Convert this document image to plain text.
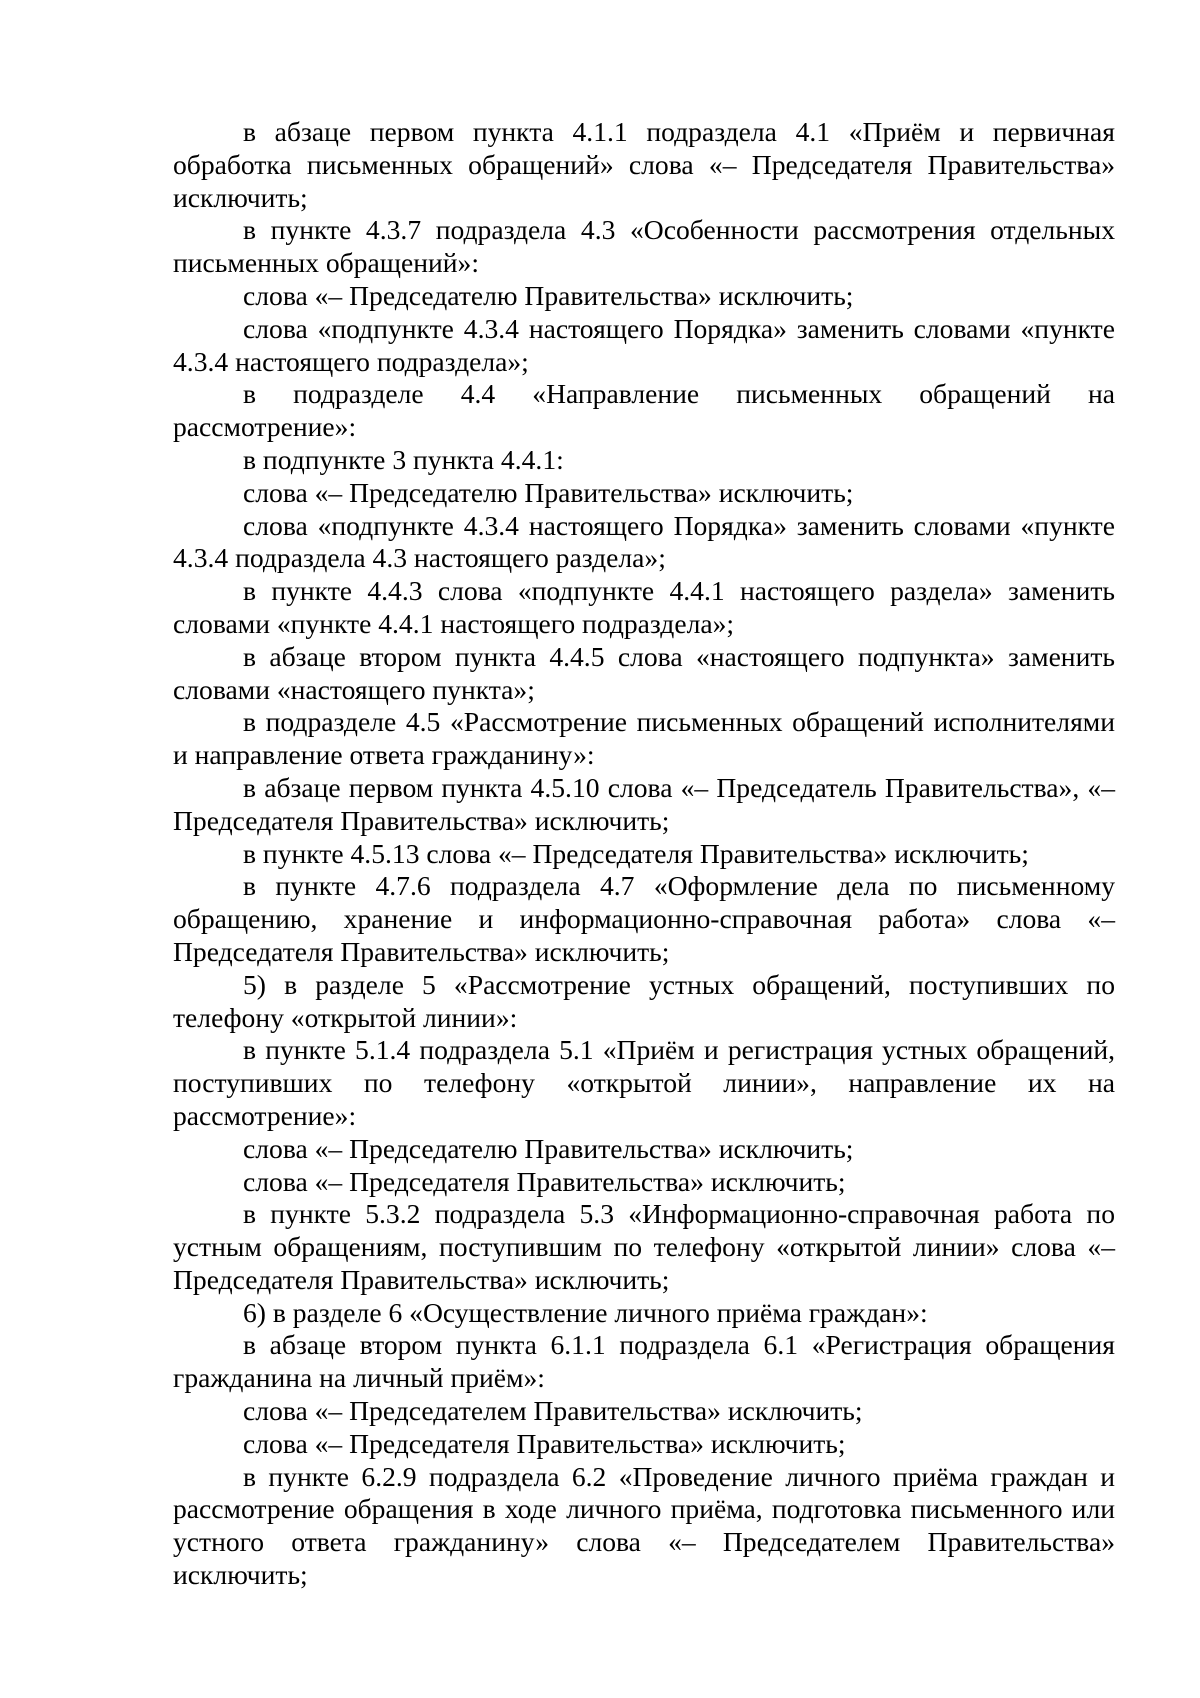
в абзаце первом пункта 4.1.1 подраздела 4.1 «Приём и первичная обработка письменных обращений» слова «– Председателя Правительства» исключить;

в пункте 4.3.7 подраздела 4.3 «Особенности рассмотрения отдельных письменных обращений»:

слова «– Председателю Правительства» исключить;

слова «подпункте 4.3.4 настоящего Порядка» заменить словами «пункте 4.3.4 настоящего подраздела»;

в подразделе 4.4 «Направление письменных обращений на рассмотрение»:

в подпункте 3 пункта 4.4.1:

слова «– Председателю Правительства» исключить;

слова «подпункте 4.3.4 настоящего Порядка» заменить словами «пункте 4.3.4 подраздела 4.3 настоящего раздела»;

в пункте 4.4.3 слова «подпункте 4.4.1 настоящего раздела» заменить словами «пункте 4.4.1 настоящего подраздела»;

в абзаце втором пункта 4.4.5 слова «настоящего подпункта» заменить словами «настоящего пункта»;

в подразделе 4.5 «Рассмотрение письменных обращений исполнителями и направление ответа гражданину»:

в абзаце первом пункта 4.5.10 слова «– Председатель Правительства», «– Председателя Правительства» исключить;

в пункте 4.5.13 слова «– Председателя Правительства» исключить;

в пункте 4.7.6 подраздела 4.7 «Оформление дела по письменному обращению, хранение и информационно-справочная работа» слова «– Председателя Правительства» исключить;

5) в разделе 5 «Рассмотрение устных обращений, поступивших по телефону «открытой линии»:

в пункте 5.1.4 подраздела 5.1 «Приём и регистрация устных обращений, поступивших по телефону «открытой линии», направление их на рассмотрение»:

слова «– Председателю Правительства» исключить;

слова «– Председателя Правительства» исключить;

в пункте 5.3.2 подраздела 5.3 «Информационно-справочная работа по устным обращениям, поступившим по телефону «открытой линии» слова «– Председателя Правительства» исключить;

6) в разделе 6 «Осуществление личного приёма граждан»:

в абзаце втором пункта 6.1.1 подраздела 6.1 «Регистрация обращения гражданина на личный приём»:

слова «– Председателем Правительства» исключить;

слова «– Председателя Правительства» исключить;

в пункте 6.2.9 подраздела 6.2 «Проведение личного приёма граждан и рассмотрение обращения в ходе личного приёма, подготовка письменного или устного ответа гражданину» слова «– Председателем Правительства» исключить;
